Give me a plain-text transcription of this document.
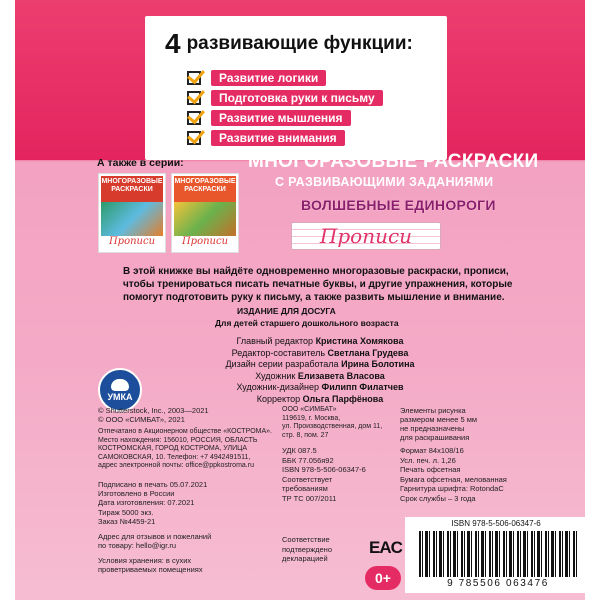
4 развивающие функции:
Развитие логики
Подготовка руки к письму
Развитие мышления
Развитие внимания
А также в серии:
МНОГОРАЗОВЫЕ РАСКРАСКИ
Прописи
МНОГОРАЗОВЫЕ РАСКРАСКИ
Прописи
МНОГОРАЗОВЫЕ РАСКРАСКИ
С РАЗВИВАЮЩИМИ ЗАДАНИЯМИ
ВОЛШЕБНЫЕ ЕДИНОРОГИ
Прописи
В этой книжке вы найдёте одновременно многоразовые раскраски, прописи, чтобы тренироваться писать печатные буквы, и другие упражнения, которые помогут подготовить руку к письму, а также развить мышление и внимание.
ИЗДАНИЕ ДЛЯ ДОСУГА
Для детей старшего дошкольного возраста
Главный редактор Кристина Хомякова
Редактор-составитель Светлана Грудева
Дизайн серии разработала Ирина Болотина
Художник Елизавета Власова
Художник-дизайнер Филипп Филатчев
Корректор Ольга Парфёнова
УМКА
© Shutterstock, Inc., 2003—2021
© ООО «СИМБАТ», 2021
Отпечатано в Акционерном обществе «КОСТРОМА».
Место нахождения: 156010, РОССИЯ, ОБЛАСТЬ
КОСТРОМСКАЯ, ГОРОД КОСТРОМА, УЛИЦА
САМОКОВСКАЯ, 10. Телефон: +7 4942491511,
адрес электронной почты: office@ppkostroma.ru
Подписано в печать 05.07.2021
Изготовлено в России
Дата изготовления: 07.2021
Тираж 5000 экз.
Заказ №4459-21
Адрес для отзывов и пожеланий
по товару: hello@igr.ru
Условия хранения: в сухих
проветриваемых помещениях
ООО «СИМБАТ»
119619, г. Москва,
ул. Производственная, дом 11,
стр. 8, пом. 27
УДК 087.5
ББК 77.056я92
ISBN 978-5-506-06347-6
Соответствует
требованиям
ТР ТС 007/2011
Соответствие
подтверждено
декларацией
Элементы рисунка
размером менее 5 мм
не предназначены
для раскрашивания
Формат 84х108/16
Усл. печ. л. 1,26
Печать офсетная
Бумага офсетная, мелованная
Гарнитура шрифта: RotondaC
Срок службы – 3 года
EAC
0+
ISBN 978-5-506-06347-6
9 785506 063476
